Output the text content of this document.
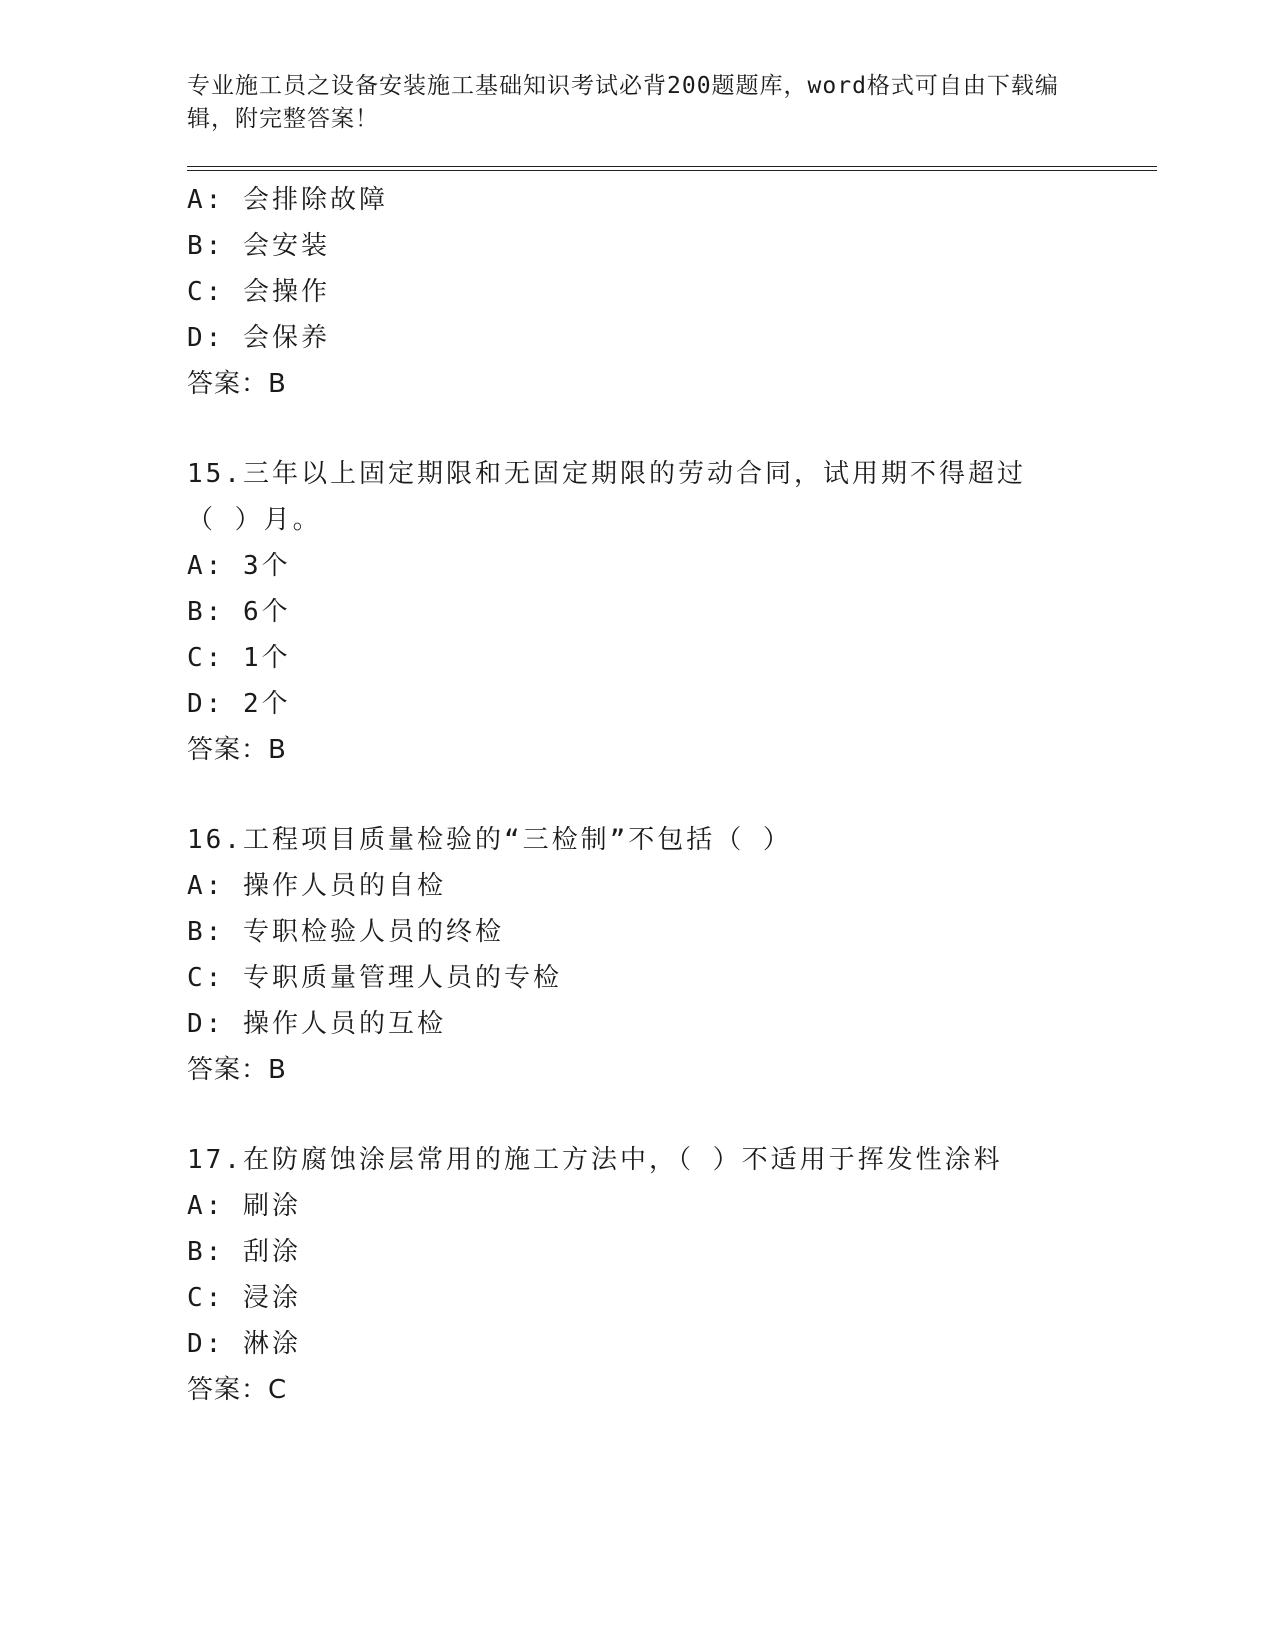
专业施工员之设备安装施工基础知识考试必背200题题库，word格式可自由下载编辑，附完整答案！
A: 会排除故障
B: 会安装
C: 会操作
D: 会保养
答案：B
15.三年以上固定期限和无固定期限的劳动合同，试用期不得超过（ ）月。
A: 3个
B: 6个
C: 1个
D: 2个
答案：B
16.工程项目质量检验的“三检制”不包括（ ）
A: 操作人员的自检
B: 专职检验人员的终检
C: 专职质量管理人员的专检
D: 操作人员的互检
答案：B
17.在防腐蚀涂层常用的施工方法中，（ ）不适用于挥发性涂料
A: 刷涂
B: 刮涂
C: 浸涂
D: 淋涂
答案：C
